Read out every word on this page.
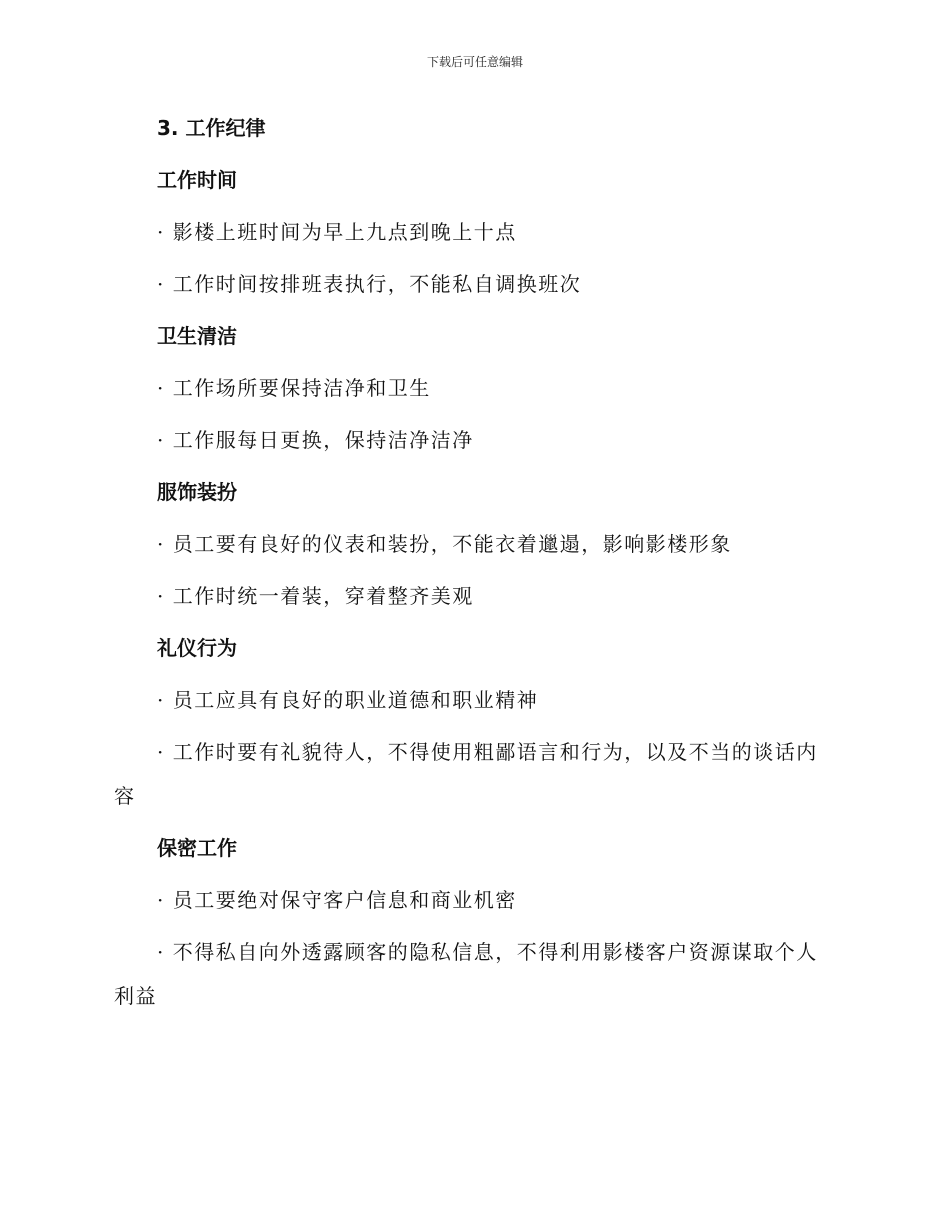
下载后可任意编辑

3. 工作纪律

工作时间

· 影楼上班时间为早上九点到晚上十点

· 工作时间按排班表执行，不能私自调换班次

卫生清洁

· 工作场所要保持洁净和卫生

· 工作服每日更换，保持洁净洁净

服饰装扮

· 员工要有良好的仪表和装扮，不能衣着邋遢，影响影楼形象

· 工作时统一着装，穿着整齐美观

礼仪行为

· 员工应具有良好的职业道德和职业精神

· 工作时要有礼貌待人，不得使用粗鄙语言和行为，以及不当的谈话内容

保密工作

· 员工要绝对保守客户信息和商业机密

· 不得私自向外透露顾客的隐私信息，不得利用影楼客户资源谋取个人利益
